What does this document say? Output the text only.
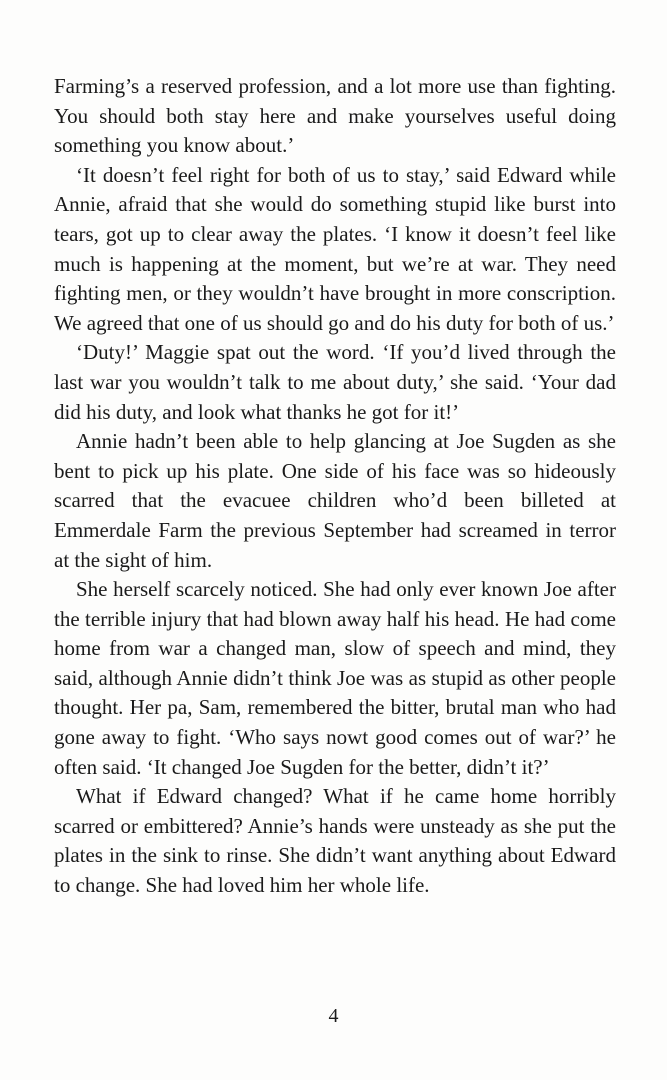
Farming’s a reserved profession, and a lot more use than fighting. You should both stay here and make yourselves useful doing something you know about.’

‘It doesn’t feel right for both of us to stay,’ said Edward while Annie, afraid that she would do something stupid like burst into tears, got up to clear away the plates. ‘I know it doesn’t feel like much is happening at the moment, but we’re at war. They need fighting men, or they wouldn’t have brought in more conscription. We agreed that one of us should go and do his duty for both of us.’

‘Duty!’ Maggie spat out the word. ‘If you’d lived through the last war you wouldn’t talk to me about duty,’ she said. ‘Your dad did his duty, and look what thanks he got for it!’

Annie hadn’t been able to help glancing at Joe Sugden as she bent to pick up his plate. One side of his face was so hideously scarred that the evacuee children who’d been billeted at Emmerdale Farm the previous September had screamed in terror at the sight of him.

She herself scarcely noticed. She had only ever known Joe after the terrible injury that had blown away half his head. He had come home from war a changed man, slow of speech and mind, they said, although Annie didn’t think Joe was as stupid as other people thought. Her pa, Sam, remembered the bitter, brutal man who had gone away to fight. ‘Who says nowt good comes out of war?’ he often said. ‘It changed Joe Sugden for the better, didn’t it?’

What if Edward changed? What if he came home horribly scarred or embittered? Annie’s hands were unsteady as she put the plates in the sink to rinse. She didn’t want anything about Edward to change. She had loved him her whole life.

4
